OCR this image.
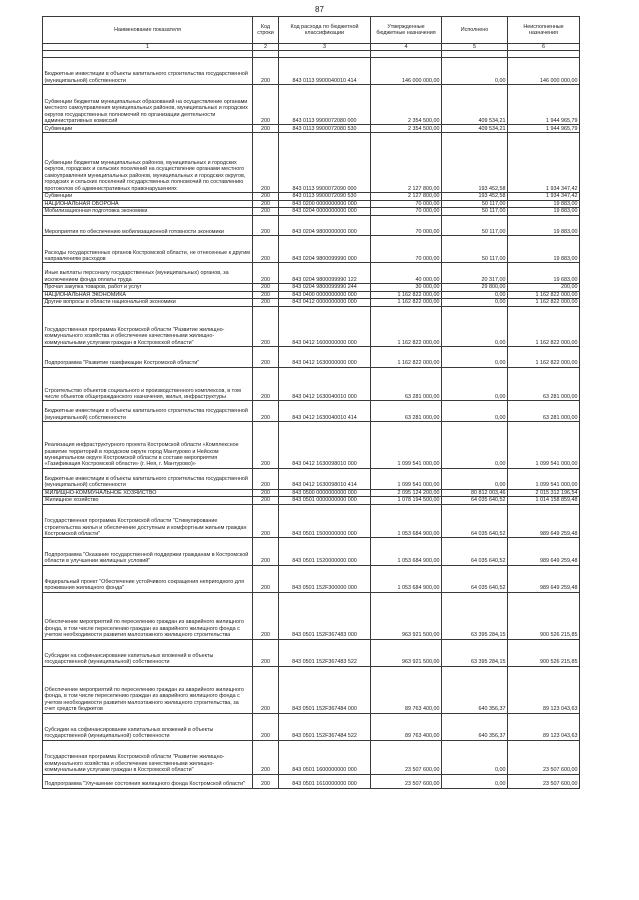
87
Наименование показателя	Код строки	Код расхода по бюджетной классификации	Утвержденные бюджетные назначения	Исполнено	Неисполненные назначения
1	2	3	4	5	6

Бюджетные инвестиции в объекты капитального строительства государственной (муниципальной) собственности	200	843 0113 9900040010 414	146 000 000,00	0,00	146 000 000,00
Субвенции бюджетам муниципальных образований на осуществление органами местного самоуправления муниципальных районов, муниципальных и городских округов государственных полномочий по организации деятельности административных комиссий	200	843 0113 9900072080 000	2 354 500,00	409 534,21	1 944 965,79
Субвенции	200	843 0113 9900072080 530	2 354 500,00	409 534,21	1 944 965,79
Субвенции бюджетам муниципальных районов, муниципальных и городских округов, городских и сельских поселений на осуществление органами местного самоуправления муниципальных районов, муниципальных и городских округов, городских и сельских поселений государственных полномочий по составлению протоколов об административных правонарушениях	200	843 0113 9900072090 000	2 127 800,00	193 452,58	1 934 347,42
Субвенции	200	843 0113 9900072090 530	2 127 800,00	193 452,58	1 934 347,42
НАЦИОНАЛЬНАЯ ОБОРОНА	200	843 0200 0000000000 000	70 000,00	50 117,00	19 883,00
Мобилизационная подготовка экономики	200	843 0204 0000000000 000	70 000,00	50 117,00	19 883,00
Мероприятия по обеспечению мобилизационной готовности экономики	200	843 0204 9800000000 000	70 000,00	50 117,00	19 883,00
Расходы государственных органов Костромской области, не отнесенные к другим направлениям расходов	200	843 0204 9800099990 000	70 000,00	50 117,00	19 883,00
Иные выплаты персоналу государственных (муниципальных) органов, за исключением фонда оплаты труда	200	843 0204 9800099990 122	40 000,00	20 317,00	19 683,00
Прочая закупка товаров, работ и услуг	200	843 0204 9800099990 244	30 000,00	29 800,00	200,00
НАЦИОНАЛЬНАЯ ЭКОНОМИКА	200	843 0400 0000000000 000	1 162 822 000,00	0,00	1 162 822 000,00
Другие вопросы в области национальной экономики	200	843 0412 0000000000 000	1 162 822 000,00	0,00	1 162 822 000,00
Государственная программа Костромской области "Развитие жилищно-коммунального хозяйства и обеспечение качественными жилищно-коммунальными услугами граждан в Костромской области"	200	843 0412 1600000000 000	1 162 822 000,00	0,00	1 162 822 000,00
Подпрограмма "Развитие газификации Костромской области"	200	843 0412 1630000000 000	1 162 822 000,00	0,00	1 162 822 000,00
Строительство объектов социального и производственного комплексов, в том числе объектов общегражданского назначения, жилья, инфраструктуры	200	843 0412 1630040010 000	63 281 000,00	0,00	63 281 000,00
Бюджетные инвестиции в объекты капитального строительства государственной (муниципальной) собственности	200	843 0412 1630040010 414	63 281 000,00	0,00	63 281 000,00
Реализация инфраструктурного проекта Костромской области «Комплексное развитие территорий в городском округе город Мантурово и Нейском муниципальном округе Костромской области в составе мероприятия «Газификация Костромской области» (г. Нея, г. Мантурово)»	200	843 0412 1630098010 000	1 099 541 000,00	0,00	1 099 541 000,00
Бюджетные инвестиции в объекты капитального строительства государственной (муниципальной) собственности	200	843 0412 1630098010 414	1 099 541 000,00	0,00	1 099 541 000,00
ЖИЛИЩНО-КОММУНАЛЬНОЕ ХОЗЯЙСТВО	200	843 0500 0000000000 000	2 095 124 200,00	80 812 003,46	2 015 312 196,54
Жилищное хозяйство	200	843 0501 0000000000 000	1 078 194 500,00	64 035 640,52	1 014 158 859,48
Государственная программа Костромской области "Стимулирование строительства жилья и обеспечение доступным и комфортным жильем граждан Костромской области"	200	843 0501 1500000000 000	1 053 684 900,00	64 035 640,52	989 649 259,48
Подпрограмма "Оказание государственной поддержки гражданам в Костромской области в улучшении жилищных условий"	200	843 0501 1520000000 000	1 053 684 900,00	64 035 640,52	989 649 259,48
Федеральный проект "Обеспечение устойчивого сокращения непригодного для проживания жилищного фонда"	200	843 0501 152F300000 000	1 053 684 900,00	64 035 640,52	989 649 259,48
Обеспечение мероприятий по переселению граждан из аварийного жилищного фонда, в том числе переселению граждан из аварийного жилищного фонда с учетом необходимости развития малоэтажного жилищного строительства	200	843 0501 152F367483 000	963 921 500,00	63 395 284,15	900 526 215,85
Субсидии на софинансирование капитальных вложений в объекты государственной (муниципальной) собственности	200	843 0501 152F367483 522	963 921 500,00	63 395 284,15	900 526 215,85
Обеспечение мероприятий по переселению граждан из аварийного жилищного фонда, в том числе переселению граждан из аварийного жилищного фонда с учетом необходимости развития малоэтажного жилищного строительства, за счет средств бюджетов	200	843 0501 152F367484 000	89 763 400,00	640 356,37	89 123 043,63
Субсидии на софинансирование капитальных вложений в объекты государственной (муниципальной) собственности	200	843 0501 152F367484 522	89 763 400,00	640 356,37	89 123 043,63
Государственная программа Костромской области "Развитие жилищно-коммунального хозяйства и обеспечение качественными жилищно-коммунальными услугами граждан в Костромской области"	200	843 0501 1600000000 000	23 507 600,00	0,00	23 507 600,00
Подпрограмма "Улучшение состояния жилищного фонда Костромской области"	200	843 0501 1610000000 000	23 507 600,00	0,00	23 507 600,00
